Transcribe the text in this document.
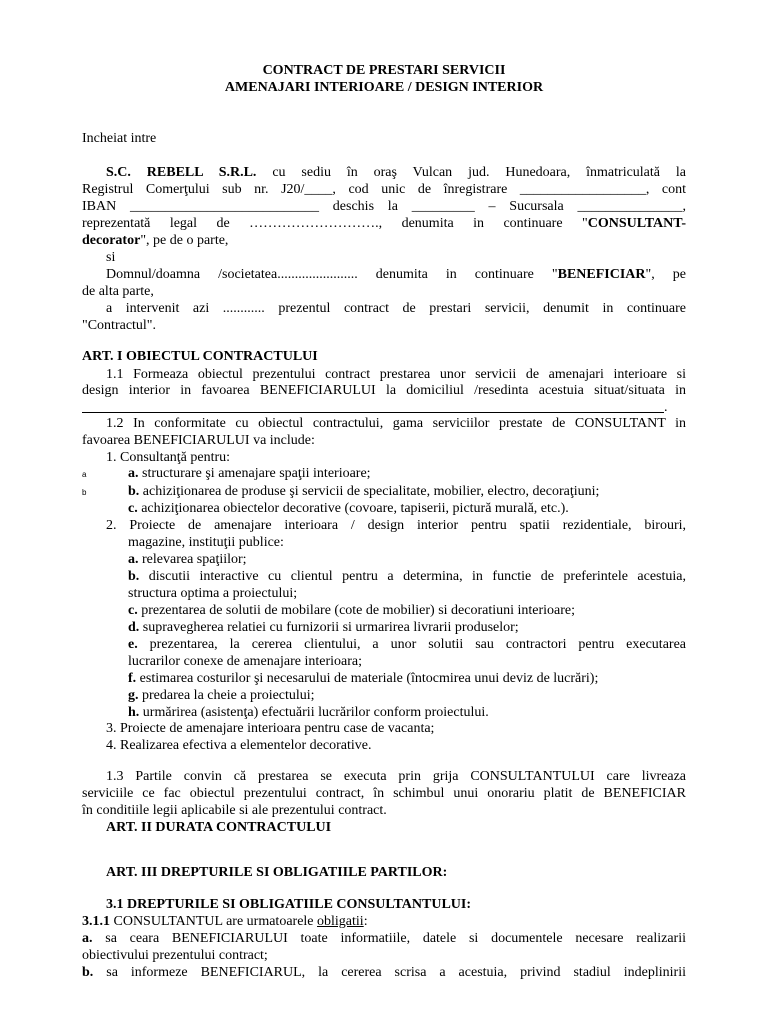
CONTRACT DE PRESTARI SERVICII
AMENAJARI INTERIOARE / DESIGN INTERIOR
Incheiat intre
S.C. REBELL S.R.L. cu sediu în oraş Vulcan jud. Hunedoara, înmatriculată la
Registrul Comerţului sub nr. J20/____, cod unic de înregistrare __________________, cont
IBAN ___________________________ deschis la _________ – Sucursala _______________,
reprezentată legal de ………………………., denumita in continuare "CONSULTANT-
decorator", pe de o parte,
si
Domnul/doamna /societatea....................... denumita in continuare "BENEFICIAR", pe
de alta parte,
a intervenit azi ............ prezentul contract de prestari servicii, denumit in continuare
"Contractul".
ART. I OBIECTUL CONTRACTULUI
1.1 Formeaza obiectul prezentului contract prestarea unor servicii de amenajari interioare si
design interior in favoarea BENEFICIARULUI la domiciliul /resedinta acestuia situat/situata in
.
1.2 In conformitate cu obiectul contractului, gama serviciilor prestate de CONSULTANT in
favoarea BENEFICIARULUI va include:
1. Consultanţă pentru:
a	a. structurare şi amenajare spaţii interioare;
b	b. achiziţionarea de produse şi servicii de specialitate, mobilier, electro, decoraţiuni;
c. achiziţionarea obiectelor decorative (covoare, tapiserii, pictură murală, etc.).
2. Proiecte de amenajare interioara / design interior pentru spatii rezidentiale, birouri,
magazine, instituţii publice:
a. relevarea spaţiilor;
b. discutii interactive cu clientul pentru a determina, in functie de preferintele acestuia,
structura optima a proiectului;
c. prezentarea de solutii de mobilare (cote de mobilier) si decoratiuni interioare;
d. supravegherea relatiei cu furnizorii si urmarirea livrarii produselor;
e. prezentarea, la cererea clientului, a unor solutii sau contractori pentru executarea
lucrarilor conexe de amenajare interioara;
f. estimarea costurilor şi necesarului de materiale (întocmirea unui deviz de lucrări);
g. predarea la cheie a proiectului;
h. urmărirea (asistenţa) efectuării lucrărilor conform proiectului.
3. Proiecte de amenajare interioara pentru case de vacanta;
4. Realizarea efectiva a elementelor decorative.
1.3 Partile convin că prestarea se executa prin grija CONSULTANTULUI care livreaza
serviciile ce fac obiectul prezentului contract, în schimbul unui onorariu platit de BENEFICIAR
în conditiile legii aplicabile si ale prezentului contract.
ART. II DURATA CONTRACTULUI
ART. III DREPTURILE SI OBLIGATIILE PARTILOR:
3.1 DREPTURILE SI OBLIGATIILE CONSULTANTULUI:
3.1.1 CONSULTANTUL are urmatoarele obligatii:
a. sa ceara BENEFICIARULUI toate informatiile, datele si documentele necesare realizarii
obiectivului prezentului contract;
b. sa informeze BENEFICIARUL, la cererea scrisa a acestuia, privind stadiul indeplinirii
